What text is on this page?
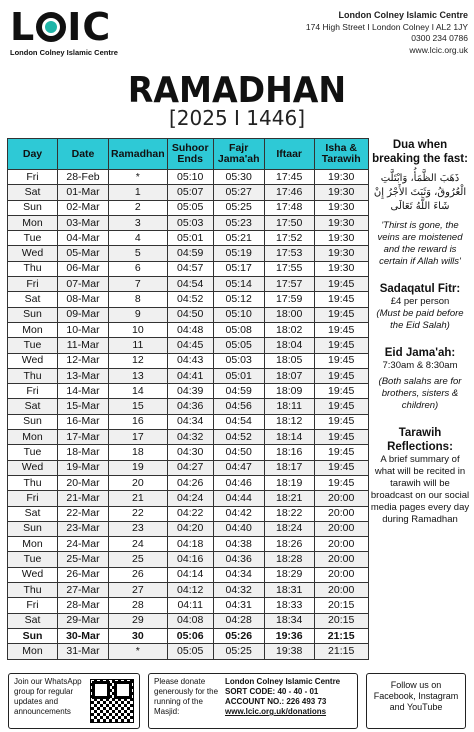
L IC
London Colney Islamic Centre
London Colney Islamic Centre
174 High Street I London Colney I AL2 1JY
0300 234 0786
www.lcic.org.uk
RAMADHAN
[2025 I 1446]
Day	Date	Ramadhan	Suhoor Ends	Fajr Jama'ah	Iftaar	Isha & Tarawih
Fri	28-Feb	*	05:10	05:30	17:45	19:30
Sat	01-Mar	1	05:07	05:27	17:46	19:30
Sun	02-Mar	2	05:05	05:25	17:48	19:30
Mon	03-Mar	3	05:03	05:23	17:50	19:30
Tue	04-Mar	4	05:01	05:21	17:52	19:30
Wed	05-Mar	5	04:59	05:19	17:53	19:30
Thu	06-Mar	6	04:57	05:17	17:55	19:30
Fri	07-Mar	7	04:54	05:14	17:57	19:45
Sat	08-Mar	8	04:52	05:12	17:59	19:45
Sun	09-Mar	9	04:50	05:10	18:00	19:45
Mon	10-Mar	10	04:48	05:08	18:02	19:45
Tue	11-Mar	11	04:45	05:05	18:04	19:45
Wed	12-Mar	12	04:43	05:03	18:05	19:45
Thu	13-Mar	13	04:41	05:01	18:07	19:45
Fri	14-Mar	14	04:39	04:59	18:09	19:45
Sat	15-Mar	15	04:36	04:56	18:11	19:45
Sun	16-Mar	16	04:34	04:54	18:12	19:45
Mon	17-Mar	17	04:32	04:52	18:14	19:45
Tue	18-Mar	18	04:30	04:50	18:16	19:45
Wed	19-Mar	19	04:27	04:47	18:17	19:45
Thu	20-Mar	20	04:26	04:46	18:19	19:45
Fri	21-Mar	21	04:24	04:44	18:21	20:00
Sat	22-Mar	22	04:22	04:42	18:22	20:00
Sun	23-Mar	23	04:20	04:40	18:24	20:00
Mon	24-Mar	24	04:18	04:38	18:26	20:00
Tue	25-Mar	25	04:16	04:36	18:28	20:00
Wed	26-Mar	26	04:14	04:34	18:29	20:00
Thu	27-Mar	27	04:12	04:32	18:31	20:00
Fri	28-Mar	28	04:11	04:31	18:33	20:15
Sat	29-Mar	29	04:08	04:28	18:34	20:15
Sun	30-Mar	30	05:06	05:26	19:36	21:15
Mon	31-Mar	*	05:05	05:25	19:38	21:15
Dua when breaking the fast:
ذَهَبَ الظَّمَأُ، وَابْتَلَّتِ الْعُرُوقُ، وَثَبَتَ الأَجْرُ إِنْ شَاءَ اللَّهُ تَعَالَى
'Thirst is gone, the veins are moistened and the reward is certain if Allah wills'
Sadaqatul Fitr:
£4 per person
(Must be paid before the Eid Salah)
Eid Jama'ah:
7:30am & 8:30am
(Both salahs are for brothers, sisters & children)
Tarawih Reflections:
A brief summary of what will be recited in tarawih will be broadcast on our social media pages every day during Ramadhan
Join our WhatsApp group for regular updates and announcements
Please donate generously for the running of the Masjid:
London Colney Islamic Centre
SORT CODE: 40 - 40 - 01
ACCOUNT NO.: 226 493 73
www.lcic.org.uk/donations
Follow us on Facebook, Instagram and YouTube
